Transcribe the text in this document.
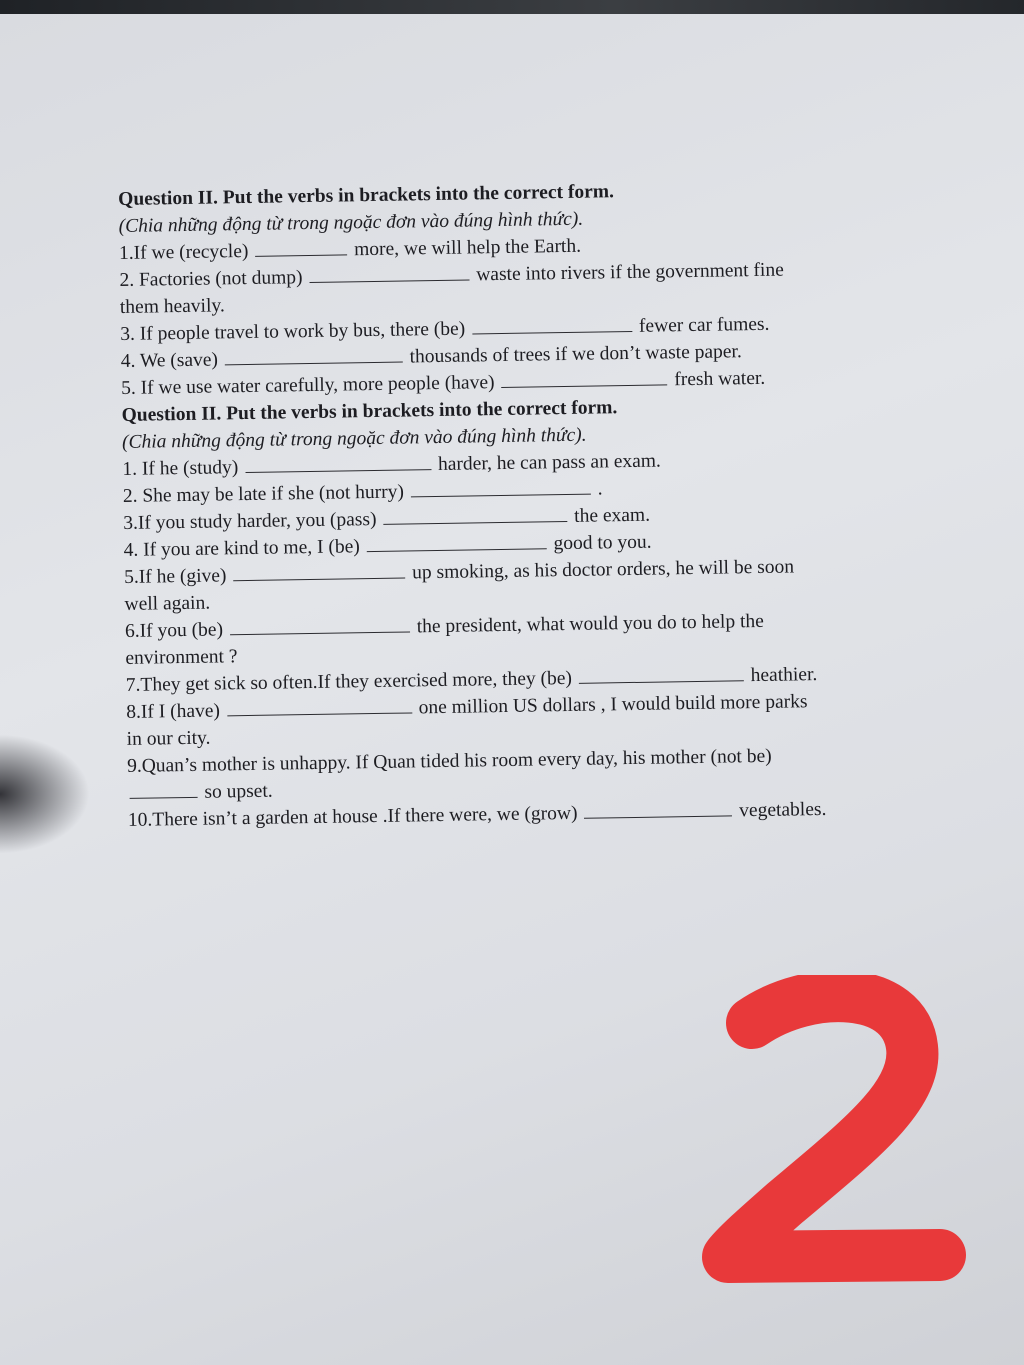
Question II. Put the verbs in brackets into the correct form.
(Chia những động từ trong ngoặc đơn vào đúng hình thức).
1.If we (recycle)	more, we will help the Earth.
2. Factories (not dump)	waste into rivers if the government fine
them heavily.
3. If people travel to work by bus, there (be)	fewer car fumes.
4. We (save)	thousands of trees if we don’t waste paper.
5. If we use water carefully, more people (have)	fresh water.
Question II. Put the verbs in brackets into the correct form.
(Chia những động từ trong ngoặc đơn vào đúng hình thức).
1. If he (study)	harder, he can pass an exam.
2. She may be late if she (not hurry)	.
3.If you study harder, you (pass)	the exam.
4. If you are kind to me, I (be)	good to you.
5.If he (give)	up smoking, as his doctor orders, he will be soon
well again.
6.If you (be)	the president, what would you do to help the
environment ?
7.They get sick so often.If they exercised more, they (be)	heathier.
8.If I (have)	one million US dollars , I would build more parks
in our city.
9.Quan’s mother is unhappy. If Quan tided his room every day, his mother (not be)
so upset.
10.There isn’t a garden at house .If there were, we (grow)	vegetables.
2
